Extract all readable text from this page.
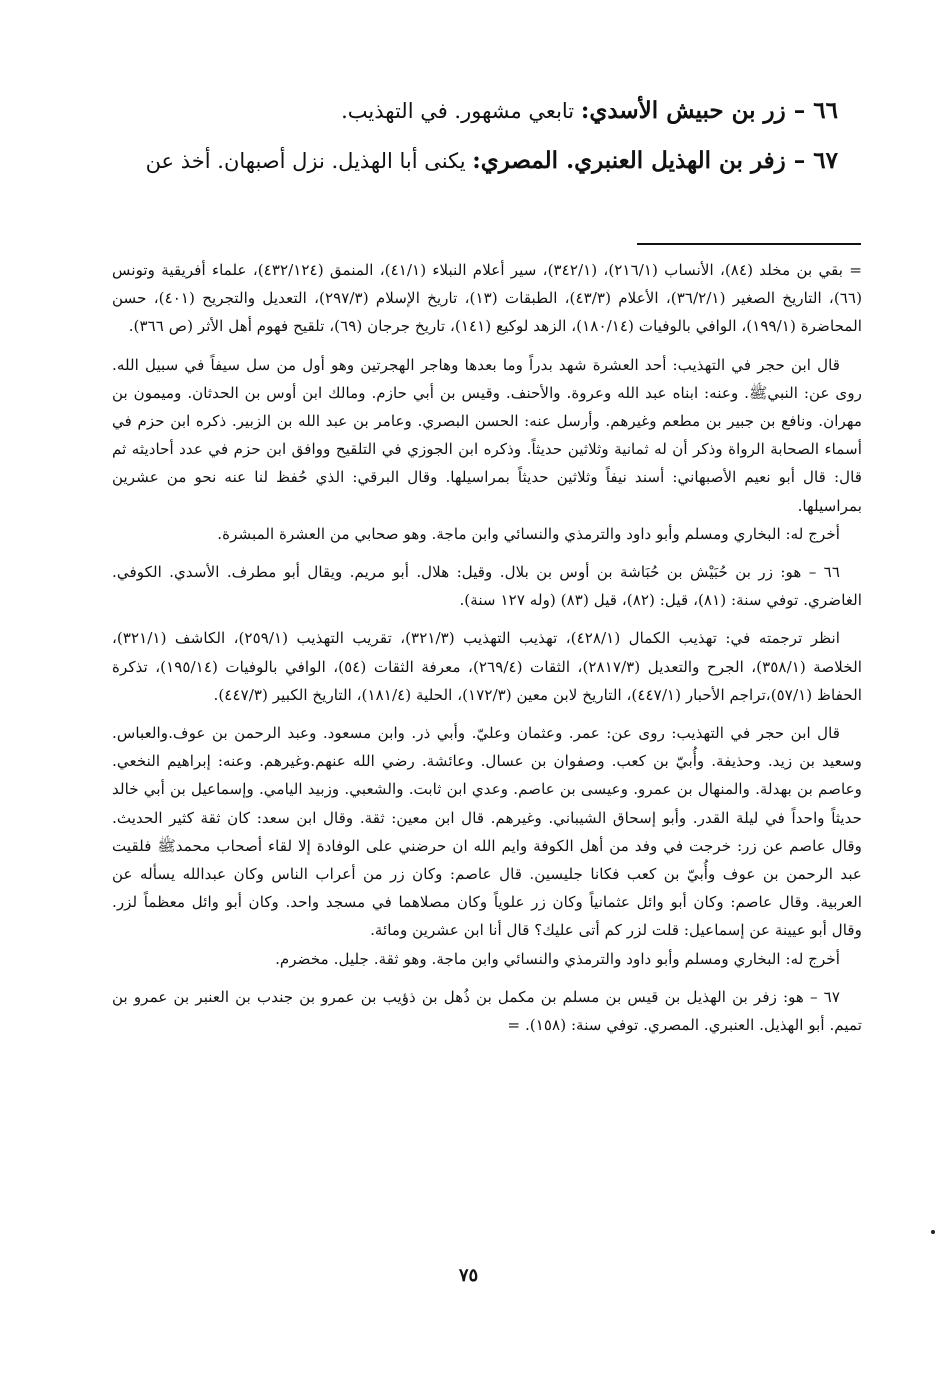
٦٦ – زر بن حبيش الأسدي: تابعي مشهور. في التهذيب.

٦٧ – زفر بن الهذيل العنبري. المصري: يكنى أبا الهذيل. نزل أصبهان. أخذ عن

= بقي بن مخلد (٨٤)، الأنساب (٢١٦/١)، (٣٤٢/١)، سير أعلام النبلاء (٤١/١)، المنمق (٤٣٢/١٢٤)، علماء أفريقية وتونس (٦٦)، التاريخ الصغير (٣٦/٢/١)، الأعلام (٤٣/٣)، الطبقات (١٣)، تاريخ الإسلام (٢٩٧/٣)، التعديل والتجريح (٤٠١)، حسن المحاضرة (١٩٩/١)، الوافي بالوفيات (١٨٠/١٤)، الزهد لوكيع (١٤١)، تاريخ جرجان (٦٩)، تلقيح فهوم أهل الأثر (ص ٣٦٦).

قال ابن حجر في التهذيب: أحد العشرة شهد بدراً وما بعدها وهاجر الهجرتين وهو أول من سل سيفاً في سبيل الله. روى عن: النبيﷺ. وعنه: ابناه عبد الله وعروة. والأحنف. وقيس بن أبي حازم. ومالك ابن أوس بن الحدثان. وميمون بن مهران. ونافع بن جبير بن مطعم وغيرهم. وأرسل عنه: الحسن البصري. وعامر بن عبد الله بن الزبير. ذكره ابن حزم في أسماء الصحابة الرواة وذكر أن له ثمانية وثلاثين حديثاً. وذكره ابن الجوزي في التلقيح ووافق ابن حزم في عدد أحاديثه ثم قال: قال أبو نعيم الأصبهاني: أسند نيفاً وثلاثين حديثاً بمراسيلها. وقال البرقي: الذي حُفظ لنا عنه نحو من عشرين بمراسيلها.

أخرج له: البخاري ومسلم وأبو داود والترمذي والنسائي وابن ماجة. وهو صحابي من العشرة المبشرة.

٦٦ – هو: زر بن حُبَيْش بن حُبَاشة بن أوس بن بلال. وقيل: هلال. أبو مريم. ويقال أبو مطرف. الأسدي. الكوفي. الغاضري. توفي سنة: (٨١)، قيل: (٨٢)، قيل (٨٣) (وله ١٢٧ سنة).

انظر ترجمته في: تهذيب الكمال (٤٢٨/١)، تهذيب التهذيب (٣٢١/٣)، تقريب التهذيب (٢٥٩/١)، الكاشف (٣٢١/١)، الخلاصة (٣٥٨/١)، الجرح والتعديل (٢٨١٧/٣)، الثقات (٢٦٩/٤)، معرفة الثقات (٥٤)، الوافي بالوفيات (١٩٥/١٤)، تذكرة الحفاظ (٥٧/١)،تراجم الأحبار (٤٤٧/١)، التاريخ لابن معين (١٧٢/٣)، الحلية (١٨١/٤)، التاريخ الكبير (٤٤٧/٣).

قال ابن حجر في التهذيب: روى عن: عمر. وعثمان وعليّ. وأبي ذر. وابن مسعود. وعبد الرحمن بن عوف.والعباس. وسعيد بن زيد. وحذيفة. وأُبيّ بن كعب. وصفوان بن عسال. وعائشة. رضي الله عنهم.وغيرهم. وعنه: إبراهيم النخعي. وعاصم بن بهدلة. والمنهال بن عمرو. وعيسى بن عاصم. وعدي ابن ثابت. والشعبي. وزبيد اليامي. وإسماعيل بن أبي خالد حديثاً واحداً في ليلة القدر. وأبو إسحاق الشيباني. وغيرهم. قال ابن معين: ثقة. وقال ابن سعد: كان ثقة كثير الحديث. وقال عاصم عن زر: خرجت في وفد من أهل الكوفة وايم الله ان حرضني على الوفادة إلا لقاء أصحاب محمدﷺ فلقيت عبد الرحمن بن عوف وأُبيّ بن كعب فكانا جليسين. قال عاصم: وكان زر من أعراب الناس وكان عبدالله يسأله عن العربية. وقال عاصم: وكان أبو وائل عثمانياً وكان زر علوياً وكان مصلاهما في مسجد واحد. وكان أبو وائل معظماً لزر. وقال أبو عيينة عن إسماعيل: قلت لزر كم أتى عليك؟ قال أنا ابن عشرين ومائة.

أخرج له: البخاري ومسلم وأبو داود والترمذي والنسائي وابن ماجة. وهو ثقة. جليل. مخضرم.

٦٧ – هو: زفر بن الهذيل بن قيس بن مسلم بن مكمل بن ذُهل بن ذؤيب بن عمرو بن جندب بن العنبر بن عمرو بن تميم. أبو الهذيل. العنبري. المصري. توفي سنة: (١٥٨). =

٧٥
